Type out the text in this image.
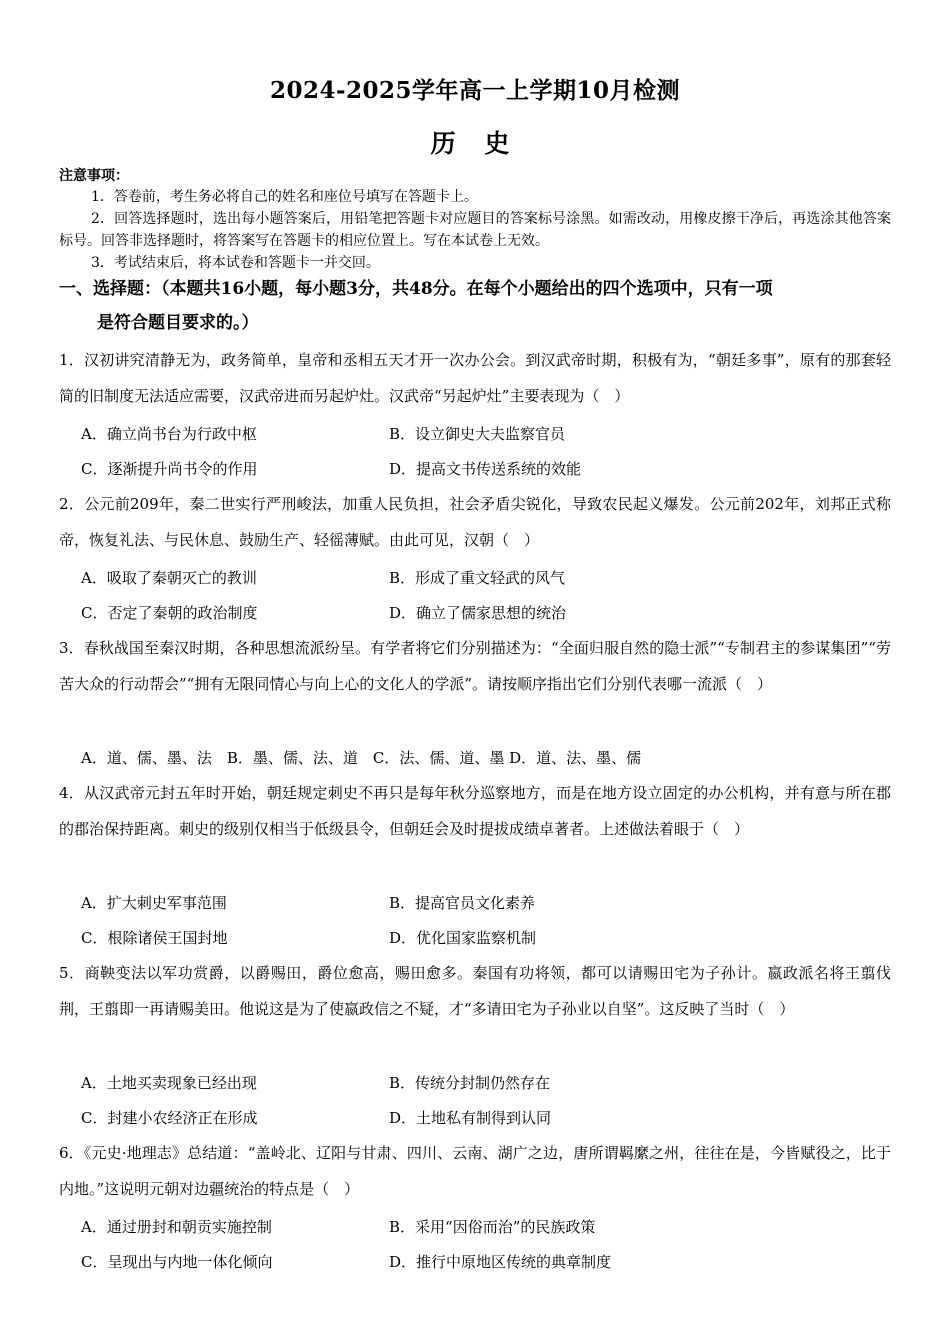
2024-2025学年高一上学期10月检测
历 史
注意事项：
1．答卷前，考生务必将自己的姓名和座位号填写在答题卡上。
2．回答选择题时，选出每小题答案后，用铅笔把答题卡对应题目的答案标号涂黑。如需改动，用橡皮擦干净后，再选涂其他答案标号。回答非选择题时，将答案写在答题卡的相应位置上。写在本试卷上无效。
3．考试结束后，将本试卷和答题卡一并交回。
一、选择题：（本题共16小题，每小题3分，共48分。在每个小题给出的四个选项中，只有一项
是符合题目要求的。）
1．汉初讲究清静无为，政务简单，皇帝和丞相五天才开一次办公会。到汉武帝时期，积极有为，“朝廷多事”，原有的那套轻简的旧制度无法适应需要，汉武帝进而另起炉灶。汉武帝“另起炉灶”主要表现为（　）
A．确立尚书台为行政中枢	B．设立御史大夫监察官员
C．逐渐提升尚书令的作用	D．提高文书传送系统的效能
2．公元前209年，秦二世实行严刑峻法，加重人民负担，社会矛盾尖锐化，导致农民起义爆发。公元前202年，刘邦正式称帝，恢复礼法、与民休息、鼓励生产、轻徭薄赋。由此可见，汉朝（　）
A．吸取了秦朝灭亡的教训	B．形成了重文轻武的风气
C．否定了秦朝的政治制度	D．确立了儒家思想的统治
3．春秋战国至秦汉时期，各种思想流派纷呈。有学者将它们分别描述为：“全面归服自然的隐士派”“专制君主的参谋集团”“劳苦大众的行动帮会”“拥有无限同情心与向上心的文化人的学派”。请按顺序指出它们分别代表哪一流派（　）
A．道、儒、墨、法　B．墨、儒、法、道　C．法、儒、道、墨 D．道、法、墨、儒
4．从汉武帝元封五年时开始，朝廷规定刺史不再只是每年秋分巡察地方，而是在地方设立固定的办公机构，并有意与所在郡的郡治保持距离。刺史的级别仅相当于低级县令，但朝廷会及时提拔成绩卓著者。上述做法着眼于（　）
A．扩大刺史军事范围	B．提高官员文化素养
C．根除诸侯王国封地	D．优化国家监察机制
5．商鞅变法以军功赏爵，以爵赐田，爵位愈高，赐田愈多。秦国有功将领，都可以请赐田宅为子孙计。嬴政派名将王翦伐荆，王翦即一再请赐美田。他说这是为了使嬴政信之不疑，才“多请田宅为子孙业以自坚”。这反映了当时（　）
A．土地买卖现象已经出现	B．传统分封制仍然存在
C．封建小农经济正在形成	D．土地私有制得到认同
6．《元史·地理志》总结道：“盖岭北、辽阳与甘肃、四川、云南、湖广之边，唐所谓羁縻之州，往往在是，今皆赋役之，比于内地。”这说明元朝对边疆统治的特点是（　）
A．通过册封和朝贡实施控制	B．采用“因俗而治”的民族政策
C．呈现出与内地一体化倾向	D．推行中原地区传统的典章制度
